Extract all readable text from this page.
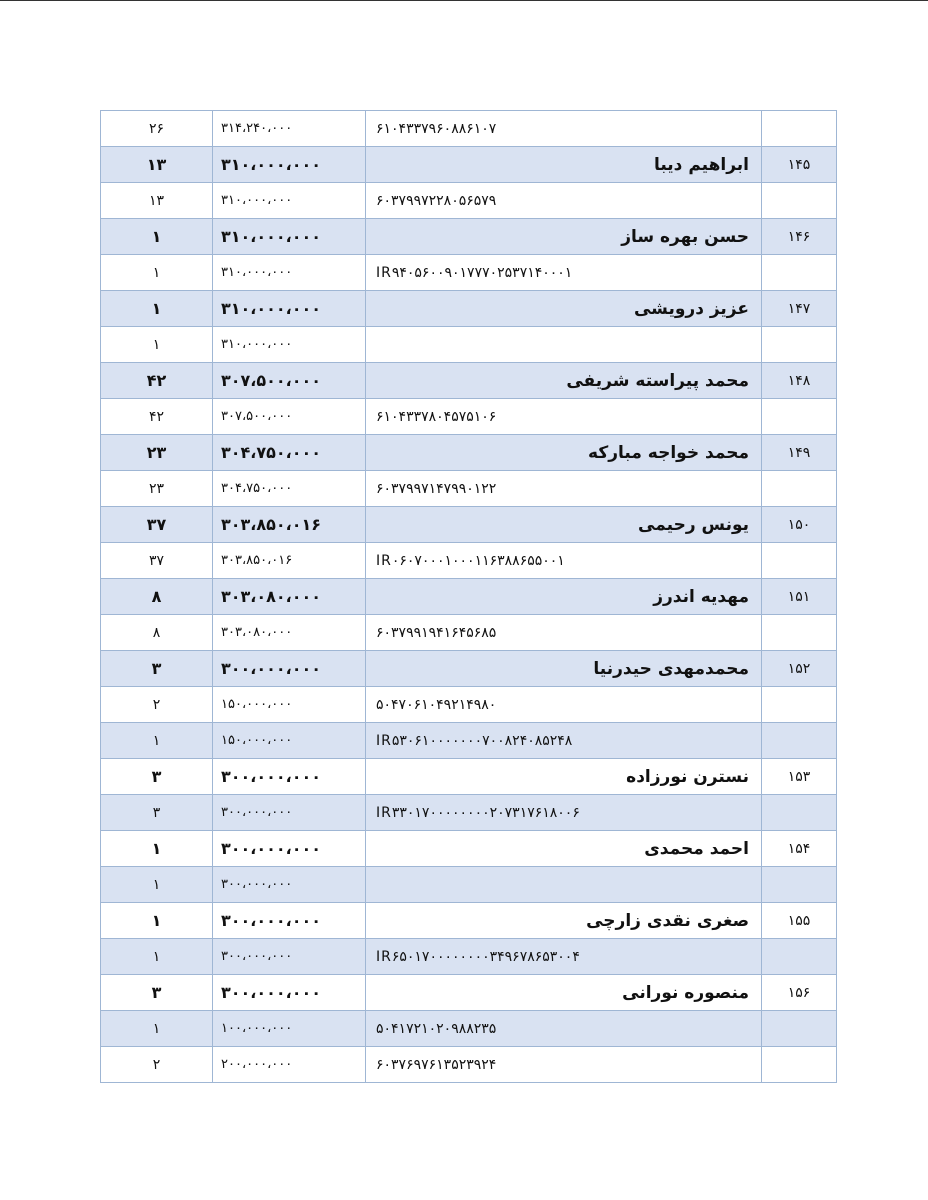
۲۶	۳۱۴،۲۴۰،۰۰۰	۶۱۰۴۳۳۷۹۶۰۸۸۶۱۰۷	

۱۳	۳۱۰،۰۰۰،۰۰۰	ابراهیم دیبا	۱۴۵
۱۳	۳۱۰،۰۰۰،۰۰۰	۶۰۳۷۹۹۷۲۲۸۰۵۶۵۷۹	

۱	۳۱۰،۰۰۰،۰۰۰	حسن بهره ساز	۱۴۶
۱	۳۱۰،۰۰۰،۰۰۰	IR۹۴۰۵۶۰۰۹۰۱۷۷۷۰۲۵۳۷۱۴۰۰۰۱	

۱	۳۱۰،۰۰۰،۰۰۰	عزیز درویشی	۱۴۷
۱	۳۱۰،۰۰۰،۰۰۰	

۴۲	۳۰۷،۵۰۰،۰۰۰	محمد پیراسته شریفی	۱۴۸
۴۲	۳۰۷،۵۰۰،۰۰۰	۶۱۰۴۳۳۷۸۰۴۵۷۵۱۰۶	

۲۳	۳۰۴،۷۵۰،۰۰۰	محمد خواجه مبارکه	۱۴۹
۲۳	۳۰۴،۷۵۰،۰۰۰	۶۰۳۷۹۹۷۱۴۷۹۹۰۱۲۲	

۳۷	۳۰۳،۸۵۰،۰۱۶	یونس رحیمی	۱۵۰
۳۷	۳۰۳،۸۵۰،۰۱۶	IR۰۶۰۷۰۰۰۱۰۰۰۱۱۶۳۸۸۶۵۵۰۰۱	

۸	۳۰۳،۰۸۰،۰۰۰	مهدیه اندرز	۱۵۱
۸	۳۰۳،۰۸۰،۰۰۰	۶۰۳۷۹۹۱۹۴۱۶۴۵۶۸۵	

۳	۳۰۰،۰۰۰،۰۰۰	محمدمهدی حیدرنیا	۱۵۲
۲	۱۵۰،۰۰۰،۰۰۰	۵۰۴۷۰۶۱۰۴۹۲۱۴۹۸۰	

۱	۱۵۰،۰۰۰،۰۰۰	IR۵۳۰۶۱۰۰۰۰۰۰۰۷۰۰۸۲۴۰۸۵۲۴۸	

۳	۳۰۰،۰۰۰،۰۰۰	نسترن نورزاده	۱۵۳
۳	۳۰۰،۰۰۰،۰۰۰	IR۳۳۰۱۷۰۰۰۰۰۰۰۰۲۰۷۳۱۷۶۱۸۰۰۶	

۱	۳۰۰،۰۰۰،۰۰۰	احمد محمدی	۱۵۴
۱	۳۰۰،۰۰۰،۰۰۰	

۱	۳۰۰،۰۰۰،۰۰۰	صغری نقدی زارچی	۱۵۵
۱	۳۰۰،۰۰۰،۰۰۰	IR۶۵۰۱۷۰۰۰۰۰۰۰۰۳۴۹۶۷۸۶۵۳۰۰۴	

۳	۳۰۰،۰۰۰،۰۰۰	منصوره نورانی	۱۵۶
۱	۱۰۰،۰۰۰،۰۰۰	۵۰۴۱۷۲۱۰۲۰۹۸۸۲۳۵	

۲	۲۰۰،۰۰۰،۰۰۰	۶۰۳۷۶۹۷۶۱۳۵۲۳۹۲۴	
